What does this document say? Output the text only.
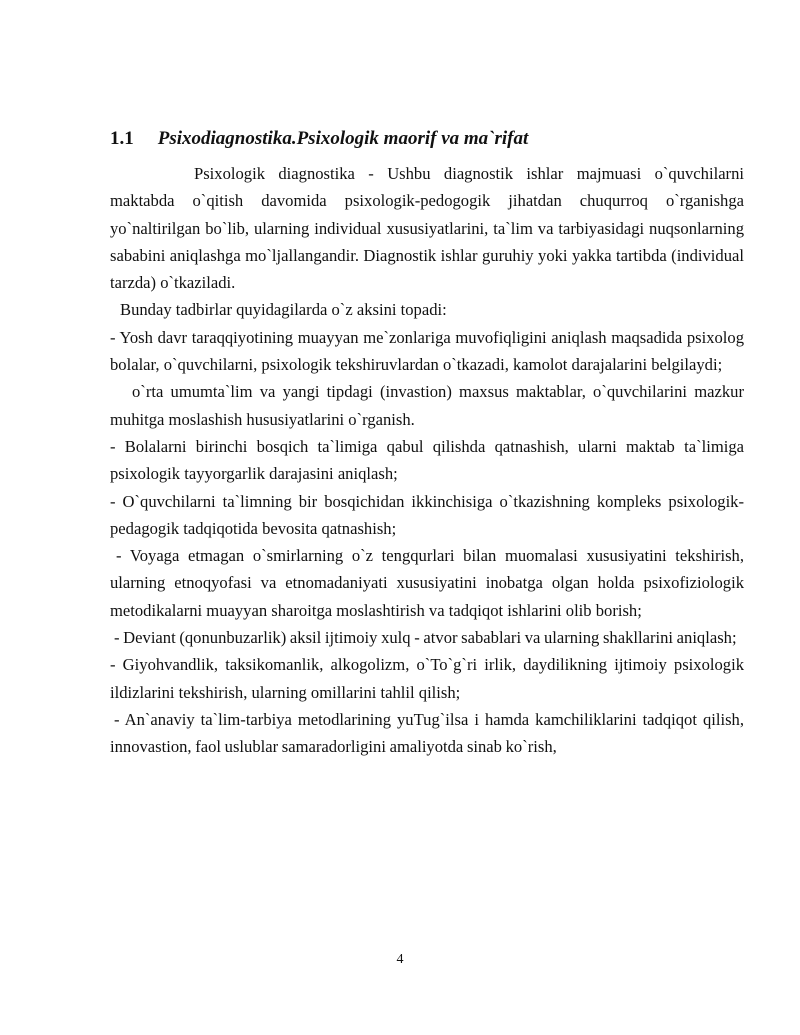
1.1 Psixodiagnostika.Psixologik maorif va ma`rifat

Psixologik diagnostika - Ushbu diagnostik ishlar majmuasi o`quvchilarni maktabda o`qitish davomida psixologik-pedogogik jihatdan chuqurroq o`rganishga yo`naltirilgan bo`lib, ularning individual xususiyatlarini, ta`lim va tarbiyasidagi nuqsonlarning sababini aniqlashga mo`ljallangandir. Diagnostik ishlar guruhiy yoki yakka tartibda (individual tarzda) o`tkaziladi.

Bunday tadbirlar quyidagilarda o`z aksini topadi:

- Yosh davr taraqqiyotining muayyan me`zonlariga muvofiqligini aniqlash maqsadida psixolog bolalar, o`quvchilarni, psixologik tekshiruvlardan o`tkazadi, kamolot darajalarini belgilaydi;

o`rta umumta`lim va yangi tipdagi (invastion) maxsus maktablar, o`quvchilarini mazkur muhitga moslashish hususiyatlarini o`rganish.

- Bolalarni birinchi bosqich ta`limiga qabul qilishda qatnashish, ularni maktab ta`limiga psixologik tayyorgarlik darajasini aniqlash;

- O`quvchilarni ta`limning bir bosqichidan ikkinchisiga o`tkazishning kompleks psixologik-pedagogik tadqiqotida bevosita qatnashish;

- Voyaga etmagan o`smirlarning o`z tengqurlari bilan muomalasi xususiyatini tekshirish, ularning etnoqyofasi va etnomadaniyati xususiyatini inobatga olgan holda psixofiziologik metodikalarni muayyan sharoitga moslashtirish va tadqiqot ishlarini olib borish;

- Deviant (qonunbuzarlik) aksil ijtimoiy xulq - atvor sabablari va ularning shakllarini aniqlash;

- Giyohvandlik, taksikomanlik, alkogolizm, o`To`g`ri irlik, daydilikning ijtimoiy psixologik ildizlarini tekshirish, ularning omillarini tahlil qilish;

- An`anaviy ta`lim-tarbiya metodlarining yuTug`ilsa i hamda kamchiliklarini tadqiqot qilish, innovastion, faol uslublar samaradorligini amaliyotda sinab ko`rish,

4
